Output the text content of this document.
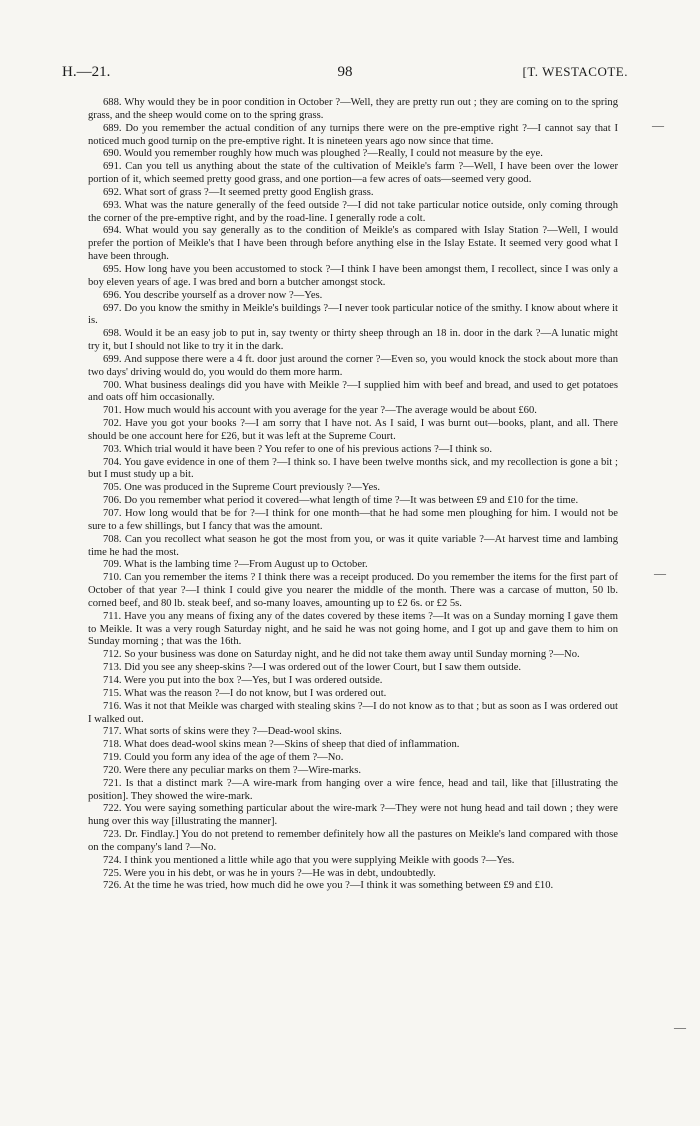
H.—21.	98	[T. WESTACOTE.
—
—
—

688. Why would they be in poor condition in October ?—Well, they are pretty run out ; they are coming on to the spring grass, and the sheep would come on to the spring grass.

689. Do you remember the actual condition of any turnips there were on the pre-emptive right ?—I cannot say that I noticed much good turnip on the pre-emptive right. It is nineteen years ago now since that time.

690. Would you remember roughly how much was ploughed ?—Really, I could not measure by the eye.

691. Can you tell us anything about the state of the cultivation of Meikle's farm ?—Well, I have been over the lower portion of it, which seemed pretty good grass, and one portion—a few acres of oats—seemed very good.

692. What sort of grass ?—It seemed pretty good English grass.

693. What was the nature generally of the feed outside ?—I did not take particular notice outside, only coming through the corner of the pre-emptive right, and by the road-line. I generally rode a colt.

694. What would you say generally as to the condition of Meikle's as compared with Islay Station ?—Well, I would prefer the portion of Meikle's that I have been through before anything else in the Islay Estate. It seemed very good what I have been through.

695. How long have you been accustomed to stock ?—I think I have been amongst them, I recollect, since I was only a boy eleven years of age. I was bred and born a butcher amongst stock.

696. You describe yourself as a drover now ?—Yes.

697. Do you know the smithy in Meikle's buildings ?—I never took particular notice of the smithy. I know about where it is.

698. Would it be an easy job to put in, say twenty or thirty sheep through an 18 in. door in the dark ?—A lunatic might try it, but I should not like to try it in the dark.

699. And suppose there were a 4 ft. door just around the corner ?—Even so, you would knock the stock about more than two days' driving would do, you would do them more harm.

700. What business dealings did you have with Meikle ?—I supplied him with beef and bread, and used to get potatoes and oats off him occasionally.

701. How much would his account with you average for the year ?—The average would be about £60.

702. Have you got your books ?—I am sorry that I have not. As I said, I was burnt out—books, plant, and all. There should be one account here for £26, but it was left at the Supreme Court.

703. Which trial would it have been ? You refer to one of his previous actions ?—I think so.

704. You gave evidence in one of them ?—I think so. I have been twelve months sick, and my recollection is gone a bit ; but I must study up a bit.

705. One was produced in the Supreme Court previously ?—Yes.

706. Do you remember what period it covered—what length of time ?—It was between £9 and £10 for the time.

707. How long would that be for ?—I think for one month—that he had some men ploughing for him. I would not be sure to a few shillings, but I fancy that was the amount.

708. Can you recollect what season he got the most from you, or was it quite variable ?—At harvest time and lambing time he had the most.

709. What is the lambing time ?—From August up to October.

710. Can you remember the items ? I think there was a receipt produced. Do you remember the items for the first part of October of that year ?—I think I could give you nearer the middle of the month. There was a carcase of mutton, 50 lb. corned beef, and 80 lb. steak beef, and so-many loaves, amounting up to £2 6s. or £2 5s.

711. Have you any means of fixing any of the dates covered by these items ?—It was on a Sunday morning I gave them to Meikle. It was a very rough Saturday night, and he said he was not going home, and I got up and gave them to him on Sunday morning ; that was the 16th.

712. So your business was done on Saturday night, and he did not take them away until Sunday morning ?—No.

713. Did you see any sheep-skins ?—I was ordered out of the lower Court, but I saw them outside.

714. Were you put into the box ?—Yes, but I was ordered outside.

715. What was the reason ?—I do not know, but I was ordered out.

716. Was it not that Meikle was charged with stealing skins ?—I do not know as to that ; but as soon as I was ordered out I walked out.

717. What sorts of skins were they ?—Dead-wool skins.

718. What does dead-wool skins mean ?—Skins of sheep that died of inflammation.

719. Could you form any idea of the age of them ?—No.

720. Were there any peculiar marks on them ?—Wire-marks.

721. Is that a distinct mark ?—A wire-mark from hanging over a wire fence, head and tail, like that [illustrating the position]. They showed the wire-mark.

722. You were saying something particular about the wire-mark ?—They were not hung head and tail down ; they were hung over this way [illustrating the manner].

723. Dr. Findlay.] You do not pretend to remember definitely how all the pastures on Meikle's land compared with those on the company's land ?—No.

724. I think you mentioned a little while ago that you were supplying Meikle with goods ?—Yes.

725. Were you in his debt, or was he in yours ?—He was in debt, undoubtedly.

726. At the time he was tried, how much did he owe you ?—I think it was something between £9 and £10.
